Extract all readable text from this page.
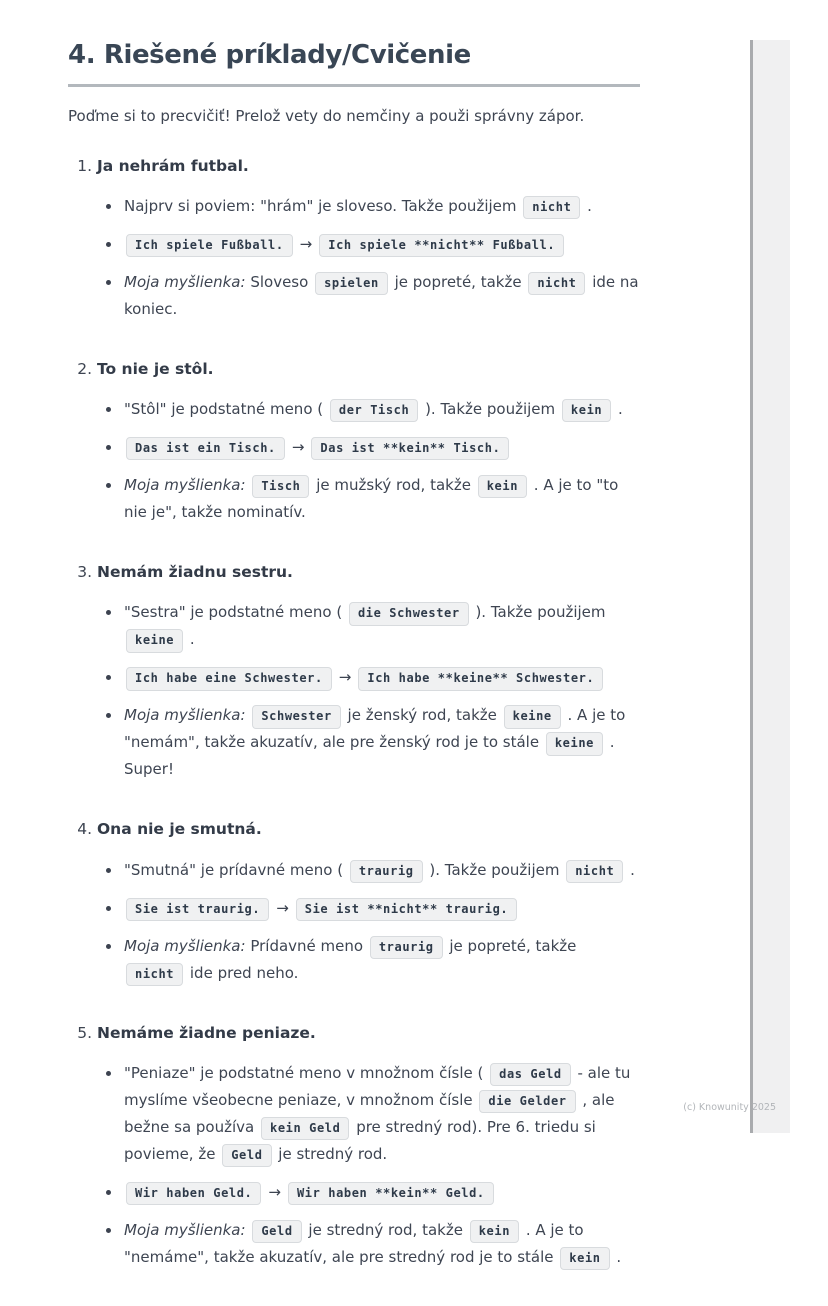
4. Riešené príklady/Cvičenie

Poďme si to precvičiť! Prelož vety do nemčiny a použi správny zápor.

1. Ja nehrám futbal.
Najprv si poviem: "hrám" je sloveso. Takže použijem nicht .
Ich spiele Fußball. → Ich spiele **nicht** Fußball.
Moja myšlienka: Sloveso spielen je popreté, takže nicht ide na koniec.
2. To nie je stôl.
"Stôl" je podstatné meno ( der Tisch ). Takže použijem kein .
Das ist ein Tisch. → Das ist **kein** Tisch.
Moja myšlienka: Tisch je mužský rod, takže kein . A je to "to nie je", takže nominatív.
3. Nemám žiadnu sestru.
"Sestra" je podstatné meno ( die Schwester ). Takže použijem keine .
Ich habe eine Schwester. → Ich habe **keine** Schwester.
Moja myšlienka: Schwester je ženský rod, takže keine . A je to "nemám", takže akuzatív, ale pre ženský rod je to stále keine . Super!
4. Ona nie je smutná.
"Smutná" je prídavné meno ( traurig ). Takže použijem nicht .
Sie ist traurig. → Sie ist **nicht** traurig.
Moja myšlienka: Prídavné meno traurig je popreté, takže nicht ide pred neho.
5. Nemáme žiadne peniaze.
"Peniaze" je podstatné meno v množnom čísle ( das Geld - ale tu myslíme všeobecne peniaze, v množnom čísle die Gelder , ale bežne sa používa kein Geld pre stredný rod). Pre 6. triedu si povieme, že Geld je stredný rod.
Wir haben Geld. → Wir haben **kein** Geld.
Moja myšlienka: Geld je stredný rod, takže kein . A je to "nemáme", takže akuzatív, ale pre stredný rod je to stále kein .
(c) Knowunity 2025
